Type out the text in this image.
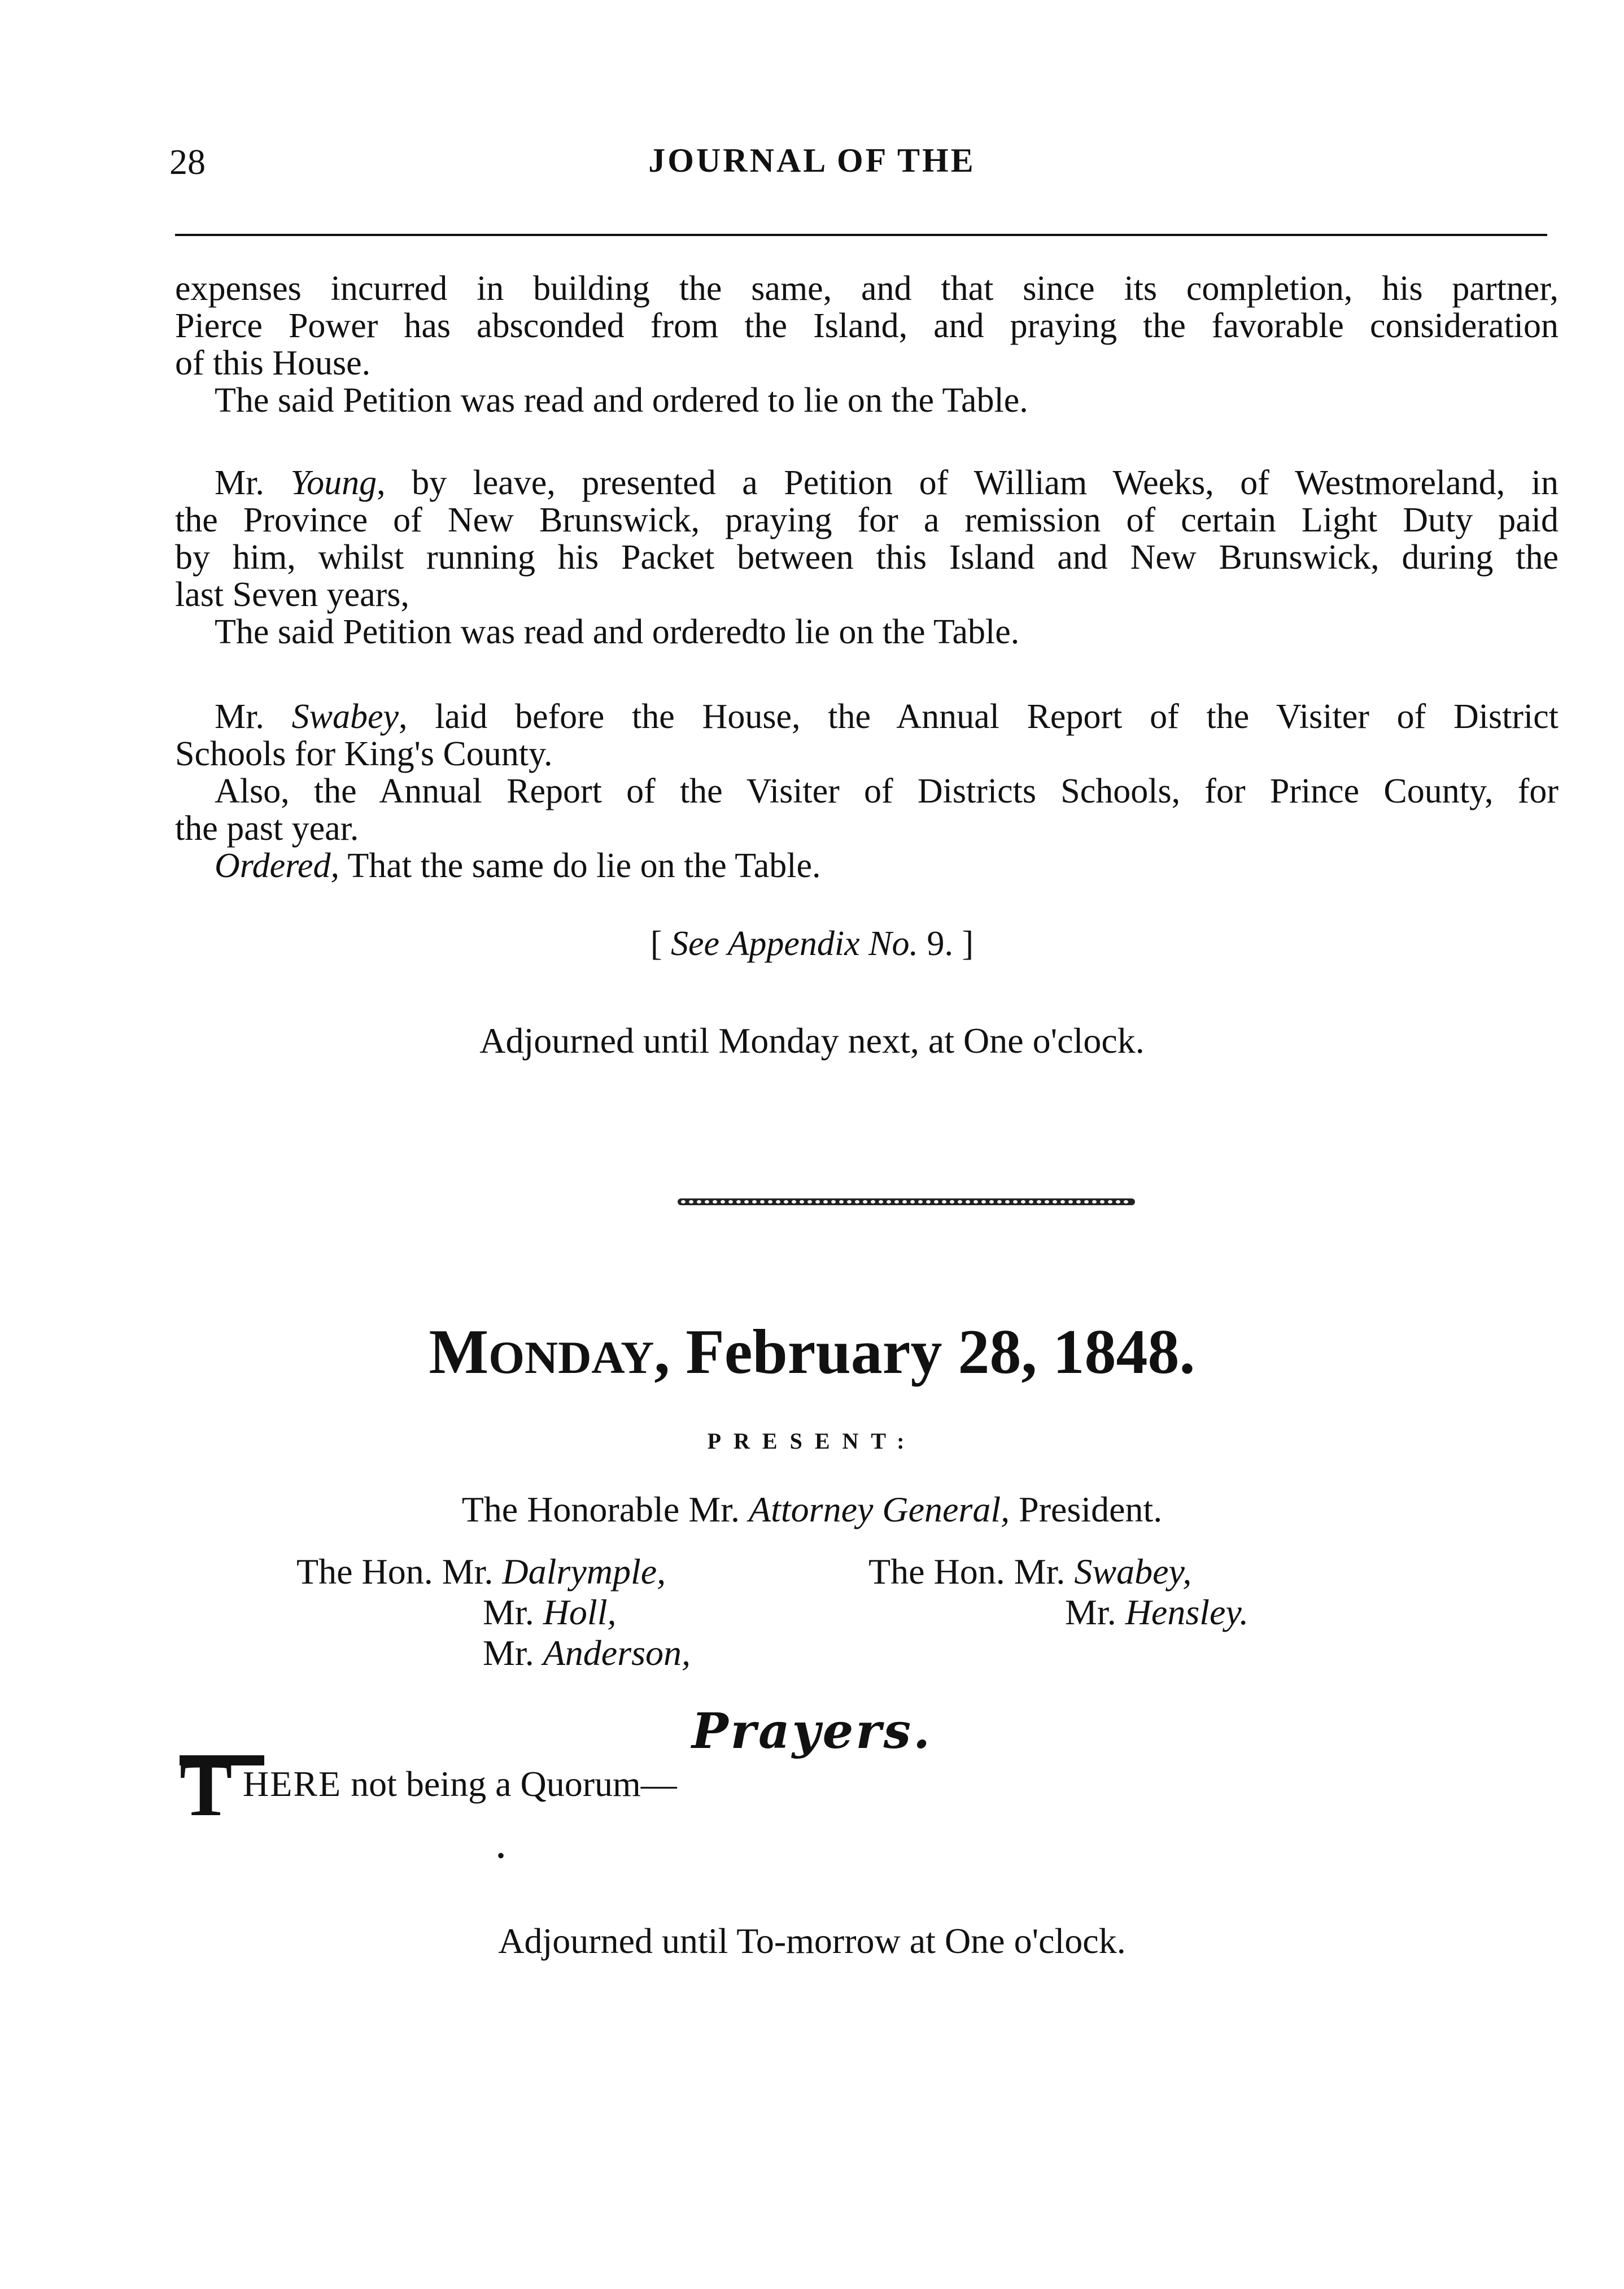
28	JOURNAL OF THE
expenses incurred in building the same, and that since its completion, his partner,
Pierce Power has absconded from the Island, and praying the favorable consideration
of this House.
The said Petition was read and ordered to lie on the Table.
Mr. Young, by leave, presented a Petition of William Weeks, of Westmoreland, in
the Province of New Brunswick, praying for a remission of certain Light Duty paid
by him, whilst running his Packet between this Island and New Brunswick, during the
last Seven years,
The said Petition was read and orderedto lie on the Table.
Mr. Swabey, laid before the House, the Annual Report of the Visiter of District
Schools for King's County.
Also, the Annual Report of the Visiter of Districts Schools, for Prince County, for
the past year.
Ordered, That the same do lie on the Table.
[ See Appendix No. 9. ]
Adjourned until Monday next, at One o'clock.
MONDAY, February 28, 1848.
PRESENT:
The Honorable Mr. Attorney General, President.
The Hon. Mr. Dalrymple,
Mr. Holl,
Mr. Anderson,
The Hon. Mr. Swabey,
Mr. Hensley.
Prayers.
T HERE not being a Quorum—
•
Adjourned until To-morrow at One o'clock.
